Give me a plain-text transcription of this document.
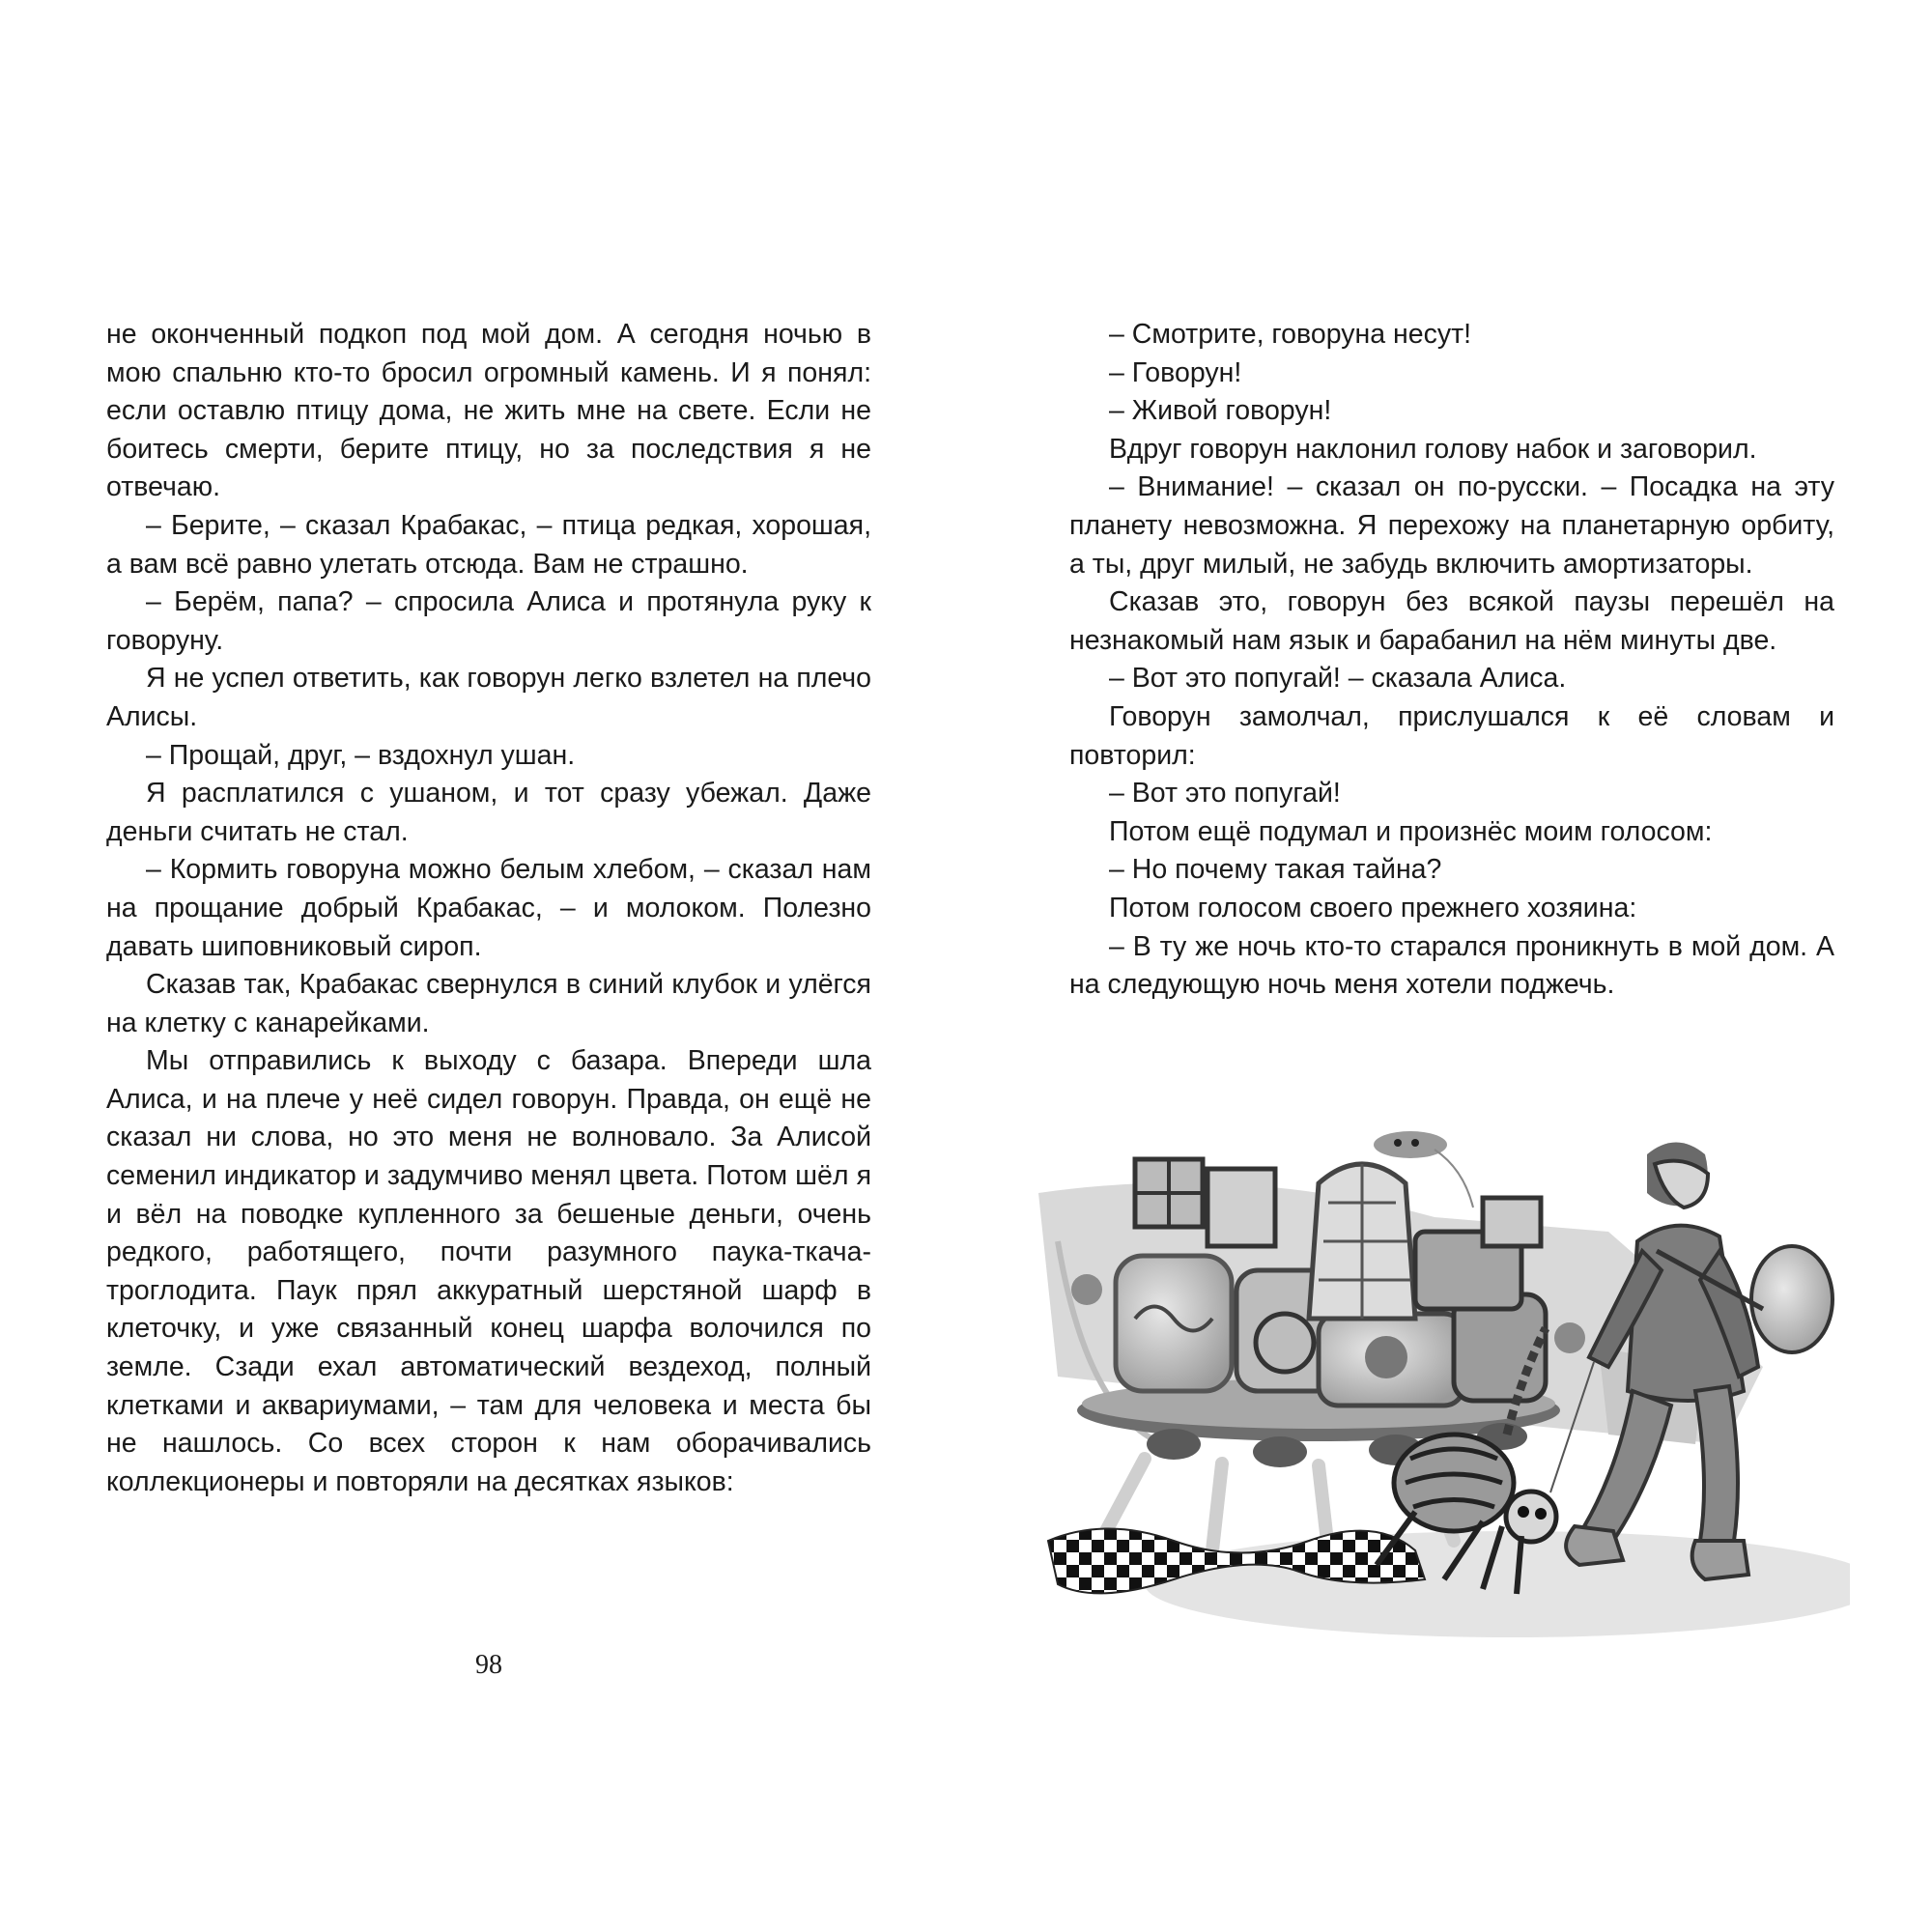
не оконченный подкоп под мой дом. А сегодня ночью в мою спальню кто-то бросил огромный камень. И я понял: если оставлю птицу дома, не жить мне на свете. Если не боитесь смерти, берите птицу, но за последствия я не отвечаю.

– Берите, – сказал Крабакас, – птица редкая, хорошая, а вам всё равно улетать отсюда. Вам не страшно.

– Берём, папа? – спросила Алиса и протянула руку к говоруну.

Я не успел ответить, как говорун легко взлетел на плечо Алисы.

– Прощай, друг, – вздохнул ушан.

Я расплатился с ушаном, и тот сразу убежал. Даже деньги считать не стал.

– Кормить говоруна можно белым хлебом, – сказал нам на прощание добрый Крабакас, – и молоком. Полезно давать шиповниковый сироп.

Сказав так, Крабакас свернулся в синий клубок и улёгся на клетку с канарейками.

Мы отправились к выходу с базара. Впереди шла Алиса, и на плече у неё сидел говорун. Правда, он ещё не сказал ни слова, но это меня не волновало. За Алисой семенил индикатор и задумчиво менял цвета. Потом шёл я и вёл на поводке купленного за бешеные деньги, очень редкого, работящего, почти разумного паука-ткача-троглодита. Паук прял аккуратный шерстяной шарф в клеточку, и уже связанный конец шарфа волочился по земле. Сзади ехал автоматический вездеход, полный клетками и аквариумами, – там для человека и места бы не нашлось. Со всех сторон к нам оборачивались коллекционеры и повторяли на десятках языков:

98

– Смотрите, говоруна несут!

– Говорун!

– Живой говорун!

Вдруг говорун наклонил голову набок и заговорил.

– Внимание! – сказал он по-русски. – Посадка на эту планету невозможна. Я перехожу на планетарную орбиту, а ты, друг милый, не забудь включить амортизаторы.

Сказав это, говорун без всякой паузы перешёл на незнакомый нам язык и барабанил на нём минуты две.

– Вот это попугай! – сказала Алиса.

Говорун замолчал, прислушался к её словам и повторил:

– Вот это попугай!

Потом ещё подумал и произнёс моим голосом:

– Но почему такая тайна?

Потом голосом своего прежнего хозяина:

– В ту же ночь кто-то старался проникнуть в мой дом. А на следующую ночь меня хотели поджечь.
